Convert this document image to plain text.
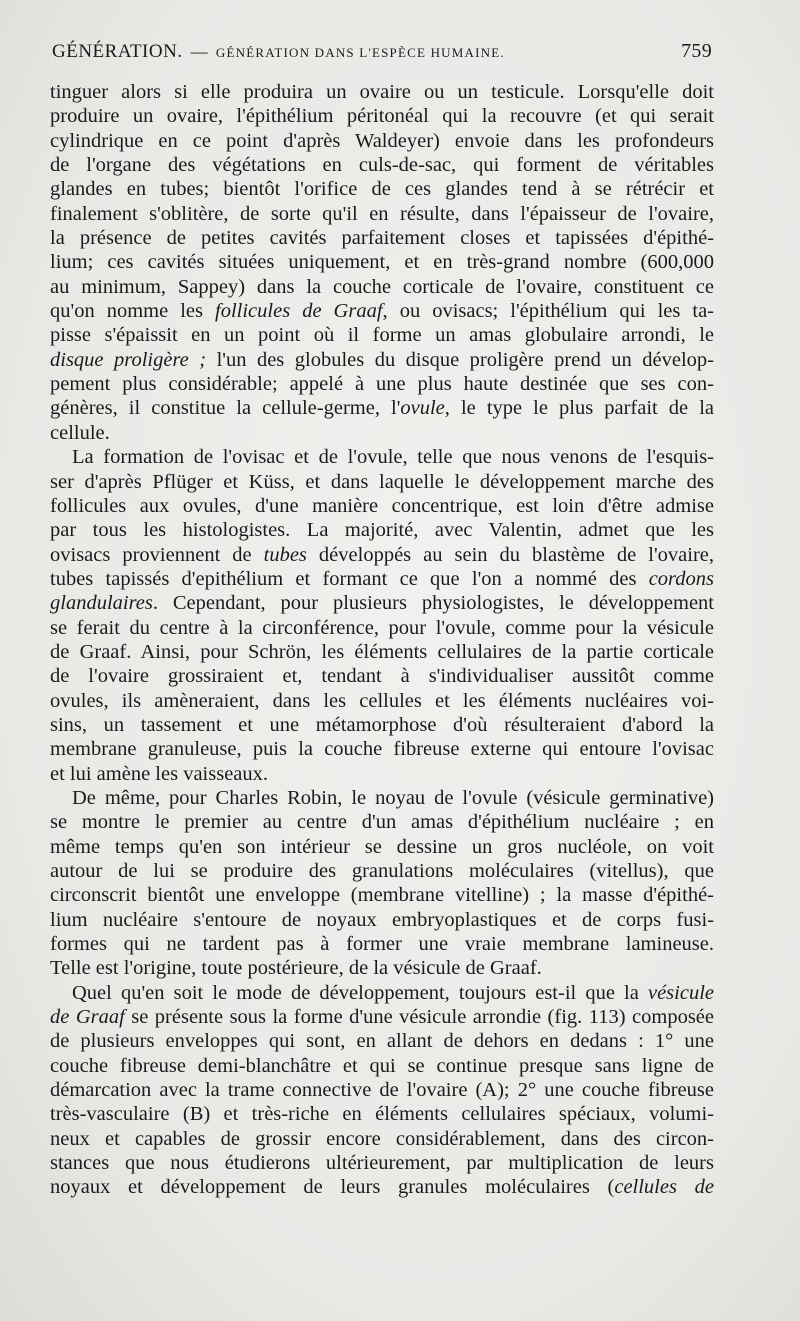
GÉNÉRATION. — GÉNÉRATION DANS L'ESPÈCE HUMAINE.	759
tinguer alors si elle produira un ovaire ou un testicule. Lorsqu'elle doit
produire un ovaire, l'épithélium péritonéal qui la recouvre (et qui serait
cylindrique en ce point d'après Waldeyer) envoie dans les profondeurs
de l'organe des végétations en culs-de-sac, qui forment de véritables
glandes en tubes; bientôt l'orifice de ces glandes tend à se rétrécir et
finalement s'oblitère, de sorte qu'il en résulte, dans l'épaisseur de l'ovaire,
la présence de petites cavités parfaitement closes et tapissées d'épithé-
lium; ces cavités situées uniquement, et en très-grand nombre (600,000
au minimum, Sappey) dans la couche corticale de l'ovaire, constituent ce
qu'on nomme les follicules de Graaf, ou ovisacs; l'épithélium qui les ta-
pisse s'épaissit en un point où il forme un amas globulaire arrondi, le
disque proligère ; l'un des globules du disque proligère prend un dévelop-
pement plus considérable; appelé à une plus haute destinée que ses con-
génères, il constitue la cellule-germe, l'ovule, le type le plus parfait de la
cellule.
La formation de l'ovisac et de l'ovule, telle que nous venons de l'esquis-
ser d'après Pflüger et Küss, et dans laquelle le développement marche des
follicules aux ovules, d'une manière concentrique, est loin d'être admise
par tous les histologistes. La majorité, avec Valentin, admet que les
ovisacs proviennent de tubes développés au sein du blastème de l'ovaire,
tubes tapissés d'epithélium et formant ce que l'on a nommé des cordons
glandulaires. Cependant, pour plusieurs physiologistes, le développement
se ferait du centre à la circonférence, pour l'ovule, comme pour la vésicule
de Graaf. Ainsi, pour Schrön, les éléments cellulaires de la partie corticale
de l'ovaire grossiraient et, tendant à s'individualiser aussitôt comme
ovules, ils amèneraient, dans les cellules et les éléments nucléaires voi-
sins, un tassement et une métamorphose d'où résulteraient d'abord la
membrane granuleuse, puis la couche fibreuse externe qui entoure l'ovisac
et lui amène les vaisseaux.
De même, pour Charles Robin, le noyau de l'ovule (vésicule germinative)
se montre le premier au centre d'un amas d'épithélium nucléaire ; en
même temps qu'en son intérieur se dessine un gros nucléole, on voit
autour de lui se produire des granulations moléculaires (vitellus), que
circonscrit bientôt une enveloppe (membrane vitelline) ; la masse d'épithé-
lium nucléaire s'entoure de noyaux embryoplastiques et de corps fusi-
formes qui ne tardent pas à former une vraie membrane lamineuse.
Telle est l'origine, toute postérieure, de la vésicule de Graaf.
Quel qu'en soit le mode de développement, toujours est-il que la vésicule
de Graaf se présente sous la forme d'une vésicule arrondie (fig. 113) composée
de plusieurs enveloppes qui sont, en allant de dehors en dedans : 1° une
couche fibreuse demi-blanchâtre et qui se continue presque sans ligne de
démarcation avec la trame connective de l'ovaire (A); 2° une couche fibreuse
très-vasculaire (B) et très-riche en éléments cellulaires spéciaux, volumi-
neux et capables de grossir encore considérablement, dans des circon-
stances que nous étudierons ultérieurement, par multiplication de leurs
noyaux et développement de leurs granules moléculaires (cellules de
